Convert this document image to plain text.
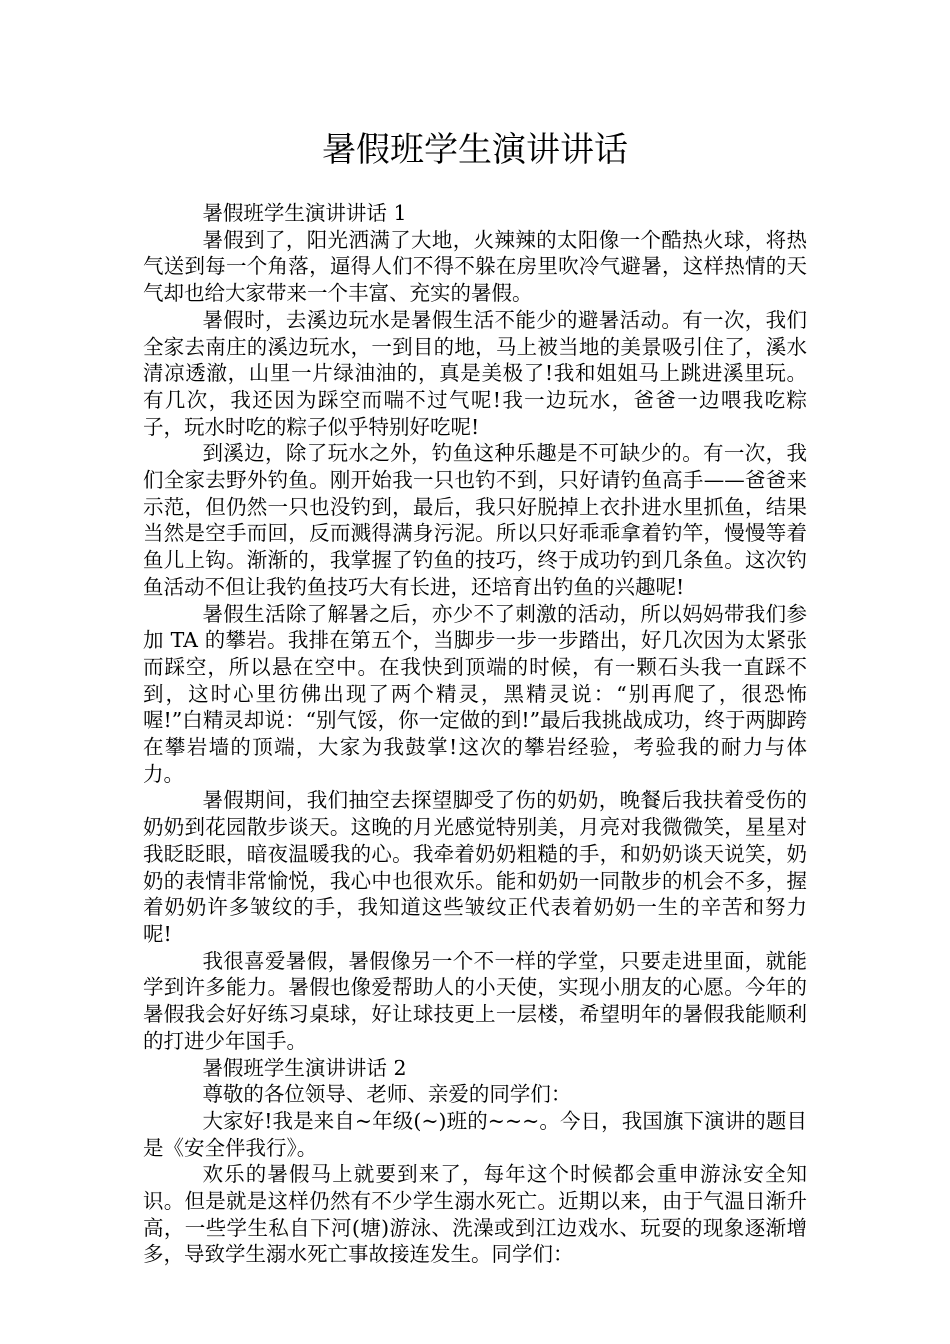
暑假班学生演讲讲话

暑假班学生演讲讲话 1

暑假到了，阳光洒满了大地，火辣辣的太阳像一个酷热火球，将热气送到每一个角落，逼得人们不得不躲在房里吹冷气避暑，这样热情的天气却也给大家带来一个丰富、充实的暑假。

暑假时，去溪边玩水是暑假生活不能少的避暑活动。有一次，我们全家去南庄的溪边玩水，一到目的地，马上被当地的美景吸引住了，溪水清凉透澈，山里一片绿油油的，真是美极了!我和姐姐马上跳进溪里玩。有几次，我还因为踩空而喘不过气呢!我一边玩水，爸爸一边喂我吃粽子，玩水时吃的粽子似乎特别好吃呢!

到溪边，除了玩水之外，钓鱼这种乐趣是不可缺少的。有一次，我们全家去野外钓鱼。刚开始我一只也钓不到，只好请钓鱼高手——爸爸来示范，但仍然一只也没钓到，最后，我只好脱掉上衣扑进水里抓鱼，结果当然是空手而回，反而溅得满身污泥。所以只好乖乖拿着钓竿，慢慢等着鱼儿上钩。渐渐的，我掌握了钓鱼的技巧，终于成功钓到几条鱼。这次钓鱼活动不但让我钓鱼技巧大有长进，还培育出钓鱼的兴趣呢!

暑假生活除了解暑之后，亦少不了刺激的活动，所以妈妈带我们参加 TA 的攀岩。我排在第五个，当脚步一步一步踏出，好几次因为太紧张而踩空，所以悬在空中。在我快到顶端的时候，有一颗石头我一直踩不到，这时心里彷佛出现了两个精灵，黑精灵说：“别再爬了，很恐怖喔!”白精灵却说：“别气馁，你一定做的到!”最后我挑战成功，终于两脚跨在攀岩墙的顶端，大家为我鼓掌!这次的攀岩经验，考验我的耐力与体力。

暑假期间，我们抽空去探望脚受了伤的奶奶，晚餐后我扶着受伤的奶奶到花园散步谈天。这晚的月光感觉特别美，月亮对我微微笑，星星对我眨眨眼，暗夜温暖我的心。我牵着奶奶粗糙的手，和奶奶谈天说笑，奶奶的表情非常愉悦，我心中也很欢乐。能和奶奶一同散步的机会不多，握着奶奶许多皱纹的手，我知道这些皱纹正代表着奶奶一生的辛苦和努力呢!

我很喜爱暑假，暑假像另一个不一样的学堂，只要走进里面，就能学到许多能力。暑假也像爱帮助人的小天使，实现小朋友的心愿。今年的暑假我会好好练习桌球，好让球技更上一层楼，希望明年的暑假我能顺利的打进少年国手。

暑假班学生演讲讲话 2

尊敬的各位领导、老师、亲爱的同学们：

大家好!我是来自~年级(~)班的~~~。今日，我国旗下演讲的题目是《安全伴我行》。

欢乐的暑假马上就要到来了，每年这个时候都会重申游泳安全知识。但是就是这样仍然有不少学生溺水死亡。近期以来，由于气温日渐升高，一些学生私自下河(塘)游泳、洗澡或到江边戏水、玩耍的现象逐渐增多，导致学生溺水死亡事故接连发生。同学们：
